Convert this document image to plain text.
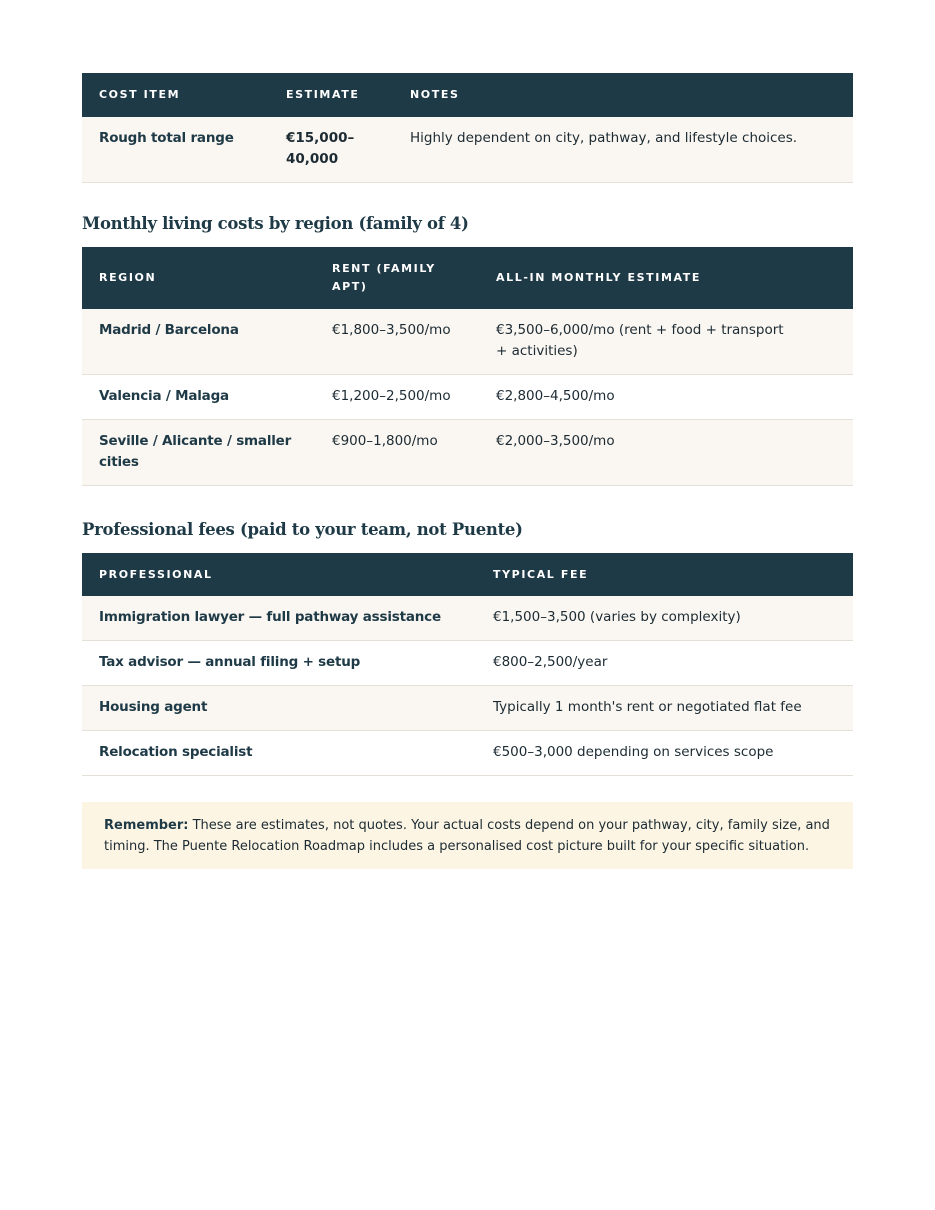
COST ITEM	ESTIMATE	NOTES
Rough total range	€15,000–40,000	Highly dependent on city, pathway, and lifestyle choices.
Monthly living costs by region (family of 4)
REGION	RENT (FAMILY APT)	ALL-IN MONTHLY ESTIMATE
Madrid / Barcelona	€1,800–3,500/mo	€3,500–6,000/mo (rent + food + transport + activities)
Valencia / Malaga	€1,200–2,500/mo	€2,800–4,500/mo
Seville / Alicante / smaller cities	€900–1,800/mo	€2,000–3,500/mo
Professional fees (paid to your team, not Puente)
PROFESSIONAL	TYPICAL FEE
Immigration lawyer — full pathway assistance	€1,500–3,500 (varies by complexity)
Tax advisor — annual filing + setup	€800–2,500/year
Housing agent	Typically 1 month's rent or negotiated flat fee
Relocation specialist	€500–3,000 depending on services scope
Remember: These are estimates, not quotes. Your actual costs depend on your pathway, city, family size, and timing. The Puente Relocation Roadmap includes a personalised cost picture built for your specific situation.
